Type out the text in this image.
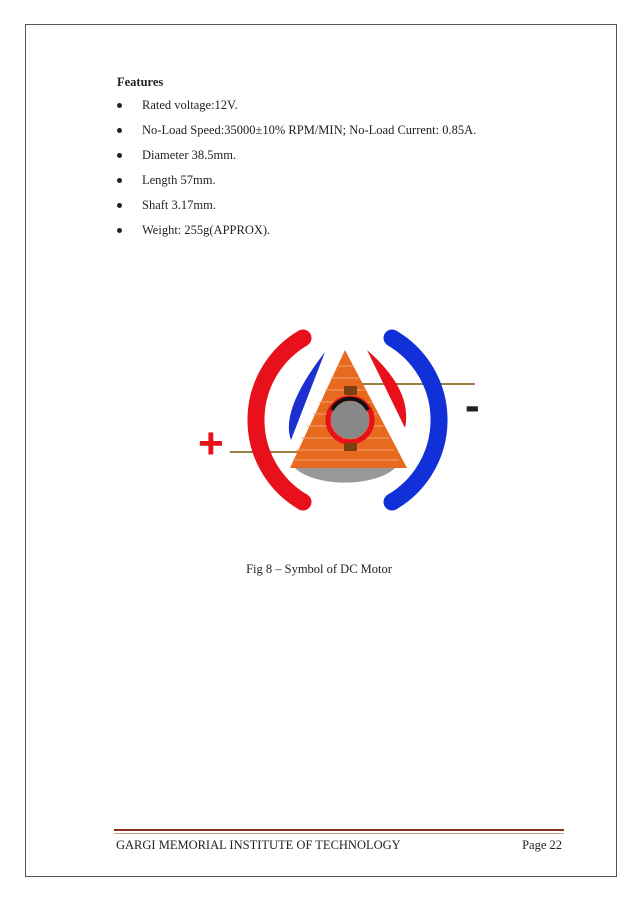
Features
Rated voltage:12V.
No-Load Speed:35000±10% RPM/MIN; No-Load Current: 0.85A.
Diameter 38.5mm.
Length 57mm.
Shaft 3.17mm.
Weight: 255g(APPROX).
+
-
Fig 8 – Symbol of DC Motor
GARGI MEMORIAL INSTITUTE OF TECHNOLOGY	Page 22
